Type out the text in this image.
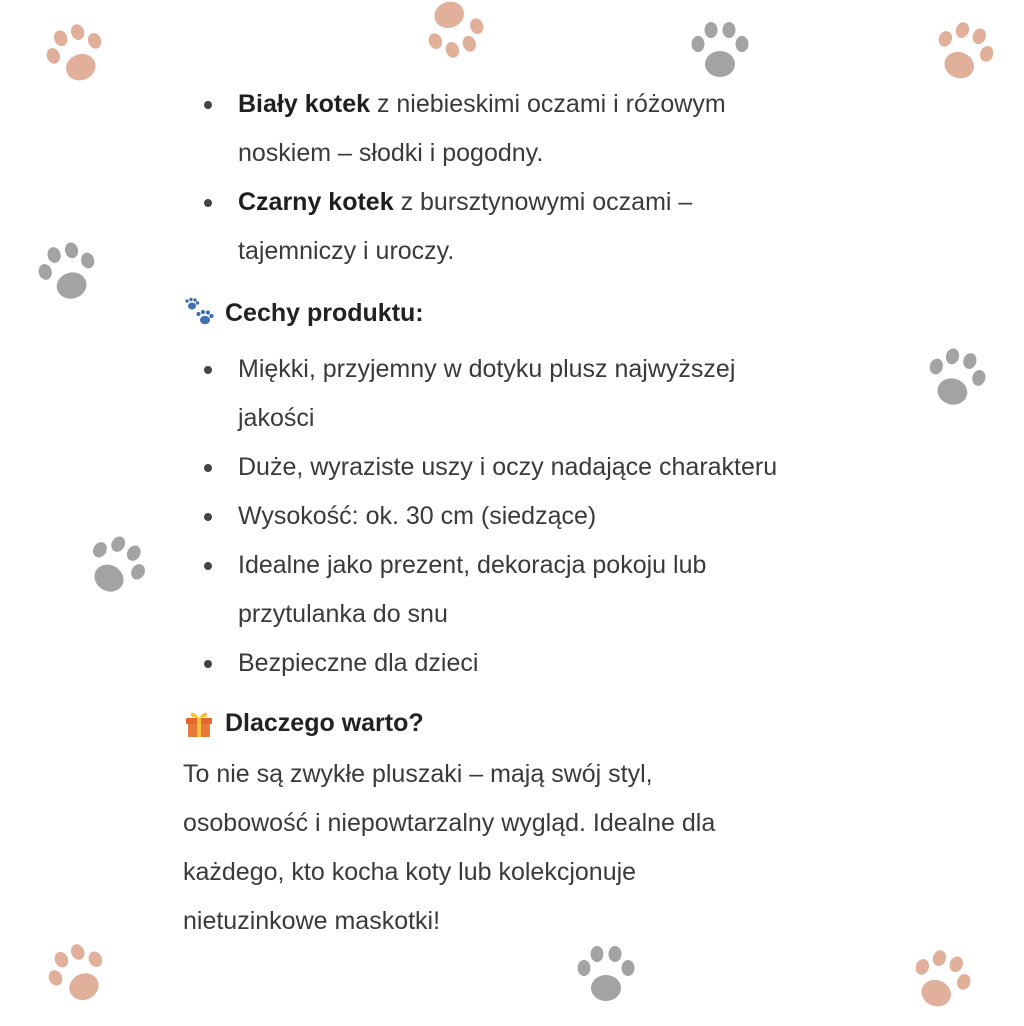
Biały kotek z niebieskimi oczami i różowym
noskiem – słodki i pogodny.
Czarny kotek z bursztynowymi oczami –
tajemniczy i uroczy.
Cechy produktu:
Miękki, przyjemny w dotyku plusz najwyższej
jakości
Duże, wyraziste uszy i oczy nadające charakteru
Wysokość: ok. 30 cm (siedzące)
Idealne jako prezent, dekoracja pokoju lub
przytulanka do snu
Bezpieczne dla dzieci
Dlaczego warto?
To nie są zwykłe pluszaki – mają swój styl,
osobowość i niepowtarzalny wygląd. Idealne dla
każdego, kto kocha koty lub kolekcjonuje
nietuzinkowe maskotki!
